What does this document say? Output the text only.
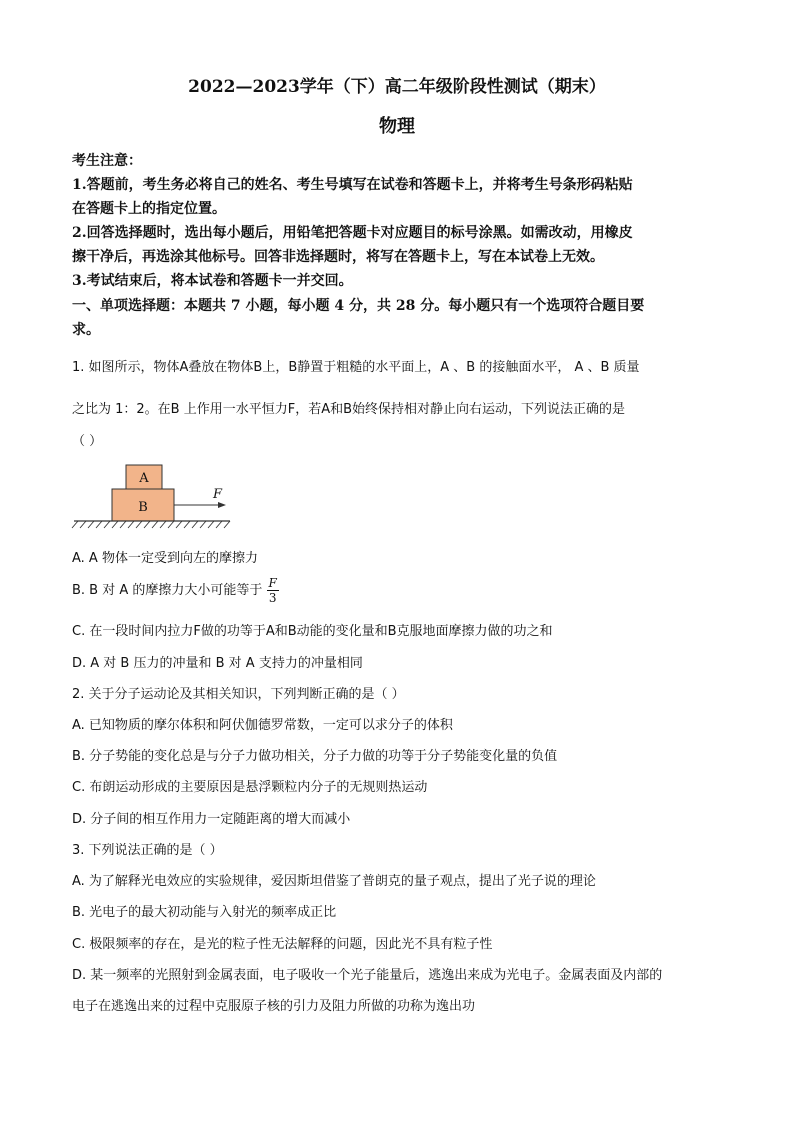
2022—2023学年（下）高二年级阶段性测试（期末）
物理
考生注意：
1.答题前，考生务必将自己的姓名、考生号填写在试卷和答题卡上，并将考生号条形码粘贴
在答题卡上的指定位置。
2.回答选择题时，选出每小题后，用铅笔把答题卡对应题目的标号涂黑。如需改动，用橡皮
擦干净后，再选涂其他标号。回答非选择题时，将写在答题卡上，写在本试卷上无效。
3.考试结束后，将本试卷和答题卡一并交回。
一、单项选择题：本题共 7 小题，每小题 4 分，共 28 分。每小题只有一个选项符合题目要
求。
1. 如图所示，物体A叠放在物体B上，B静置于粗糙的水平面上，A 、B 的接触面水平， A 、B 质量
之比为 1：2。在B 上作用一水平恒力F，若A和B始终保持相对静止向右运动，下列说法正确的是
（ ）
A
B
F
A. A 物体一定受到向左的摩擦力
B. B 对 A 的摩擦力大小可能等于 $\frac{F}{3}$
C. 在一段时间内拉力F做的功等于A和B动能的变化量和B克服地面摩擦力做的功之和
D. A 对 B 压力的冲量和 B 对 A 支持力的冲量相同
2. 关于分子运动论及其相关知识，下列判断正确的是（ ）
A. 已知物质的摩尔体积和阿伏伽德罗常数，一定可以求分子的体积
B. 分子势能的变化总是与分子力做功相关，分子力做的功等于分子势能变化量的负值
C. 布朗运动形成的主要原因是悬浮颗粒内分子的无规则热运动
D. 分子间的相互作用力一定随距离的增大而减小
3. 下列说法正确的是（ ）
A. 为了解释光电效应的实验规律，爱因斯坦借鉴了普朗克的量子观点，提出了光子说的理论
B. 光电子的最大初动能与入射光的频率成正比
C. 极限频率的存在，是光的粒子性无法解释的问题，因此光不具有粒子性
D. 某一频率的光照射到金属表面，电子吸收一个光子能量后，逃逸出来成为光电子。金属表面及内部的
电子在逃逸出来的过程中克服原子核的引力及阻力所做的功称为逸出功
